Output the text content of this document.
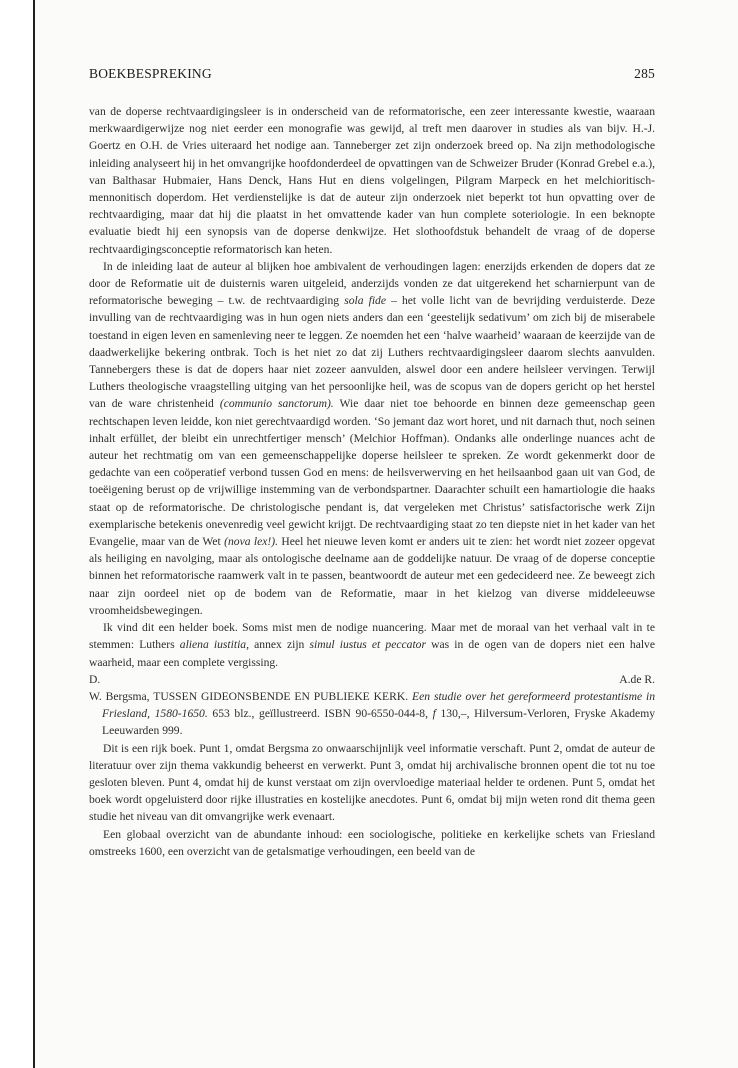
BOEKBESPREKING	285

van de doperse rechtvaardigingsleer is in onderscheid van de reformatorische, een zeer interessante kwestie, waaraan merkwaardigerwijze nog niet eerder een monografie was gewijd, al treft men daarover in studies als van bijv. H.-J. Goertz en O.H. de Vries uiteraard het nodige aan. Tanneberger zet zijn onderzoek breed op. Na zijn methodologische inleiding analyseert hij in het omvangrijke hoofdonderdeel de opvattingen van de Schweizer Bruder (Konrad Grebel e.a.), van Balthasar Hubmaier, Hans Denck, Hans Hut en diens volgelingen, Pilgram Marpeck en het melchioritisch-mennonitisch doperdom. Het verdienstelijke is dat de auteur zijn onderzoek niet beperkt tot hun opvatting over de rechtvaardiging, maar dat hij die plaatst in het omvattende kader van hun complete soteriologie. In een beknopte evaluatie biedt hij een synopsis van de doperse denkwijze. Het slothoofdstuk behandelt de vraag of de doperse rechtvaardigingsconceptie reformatorisch kan heten.

In de inleiding laat de auteur al blijken hoe ambivalent de verhoudingen lagen: enerzijds erkenden de dopers dat ze door de Reformatie uit de duisternis waren uitgeleid, anderzijds vonden ze dat uitgerekend het scharnierpunt van de reformatorische beweging – t.w. de rechtvaardiging sola fide – het volle licht van de bevrijding verduisterde. Deze invulling van de rechtvaardiging was in hun ogen niets anders dan een ‘geestelijk sedativum’ om zich bij de miserabele toestand in eigen leven en samenleving neer te leggen. Ze noemden het een ‘halve waarheid’ waaraan de keerzijde van de daadwerkelijke bekering ontbrak. Toch is het niet zo dat zij Luthers rechtvaardigingsleer daarom slechts aanvulden. Tannebergers these is dat de dopers haar niet zozeer aanvulden, alswel door een andere heilsleer vervingen. Terwijl Luthers theologische vraagstelling uitging van het persoonlijke heil, was de scopus van de dopers gericht op het herstel van de ware christenheid (communio sanctorum). Wie daar niet toe behoorde en binnen deze gemeenschap geen rechtschapen leven leidde, kon niet gerechtvaardigd worden. ‘So jemant daz wort horet, und nit darnach thut, noch seinen inhalt erfüllet, der bleibt ein unrechtfertiger mensch’ (Melchior Hoffman). Ondanks alle onderlinge nuances acht de auteur het rechtmatig om van een gemeenschappelijke doperse heilsleer te spreken. Ze wordt gekenmerkt door de gedachte van een coöperatief verbond tussen God en mens: de heilsverwerving en het heilsaanbod gaan uit van God, de toeëigening berust op de vrijwillige instemming van de verbondspartner. Daarachter schuilt een hamartiologie die haaks staat op de reformatorische. De christologische pendant is, dat vergeleken met Christus’ satisfactorische werk Zijn exemplarische betekenis onevenredig veel gewicht krijgt. De rechtvaardiging staat zo ten diepste niet in het kader van het Evangelie, maar van de Wet (nova lex!). Heel het nieuwe leven komt er anders uit te zien: het wordt niet zozeer opgevat als heiliging en navolging, maar als ontologische deelname aan de goddelijke natuur. De vraag of de doperse conceptie binnen het reformatorische raamwerk valt in te passen, beantwoordt de auteur met een gedecideerd nee. Ze beweegt zich naar zijn oordeel niet op de bodem van de Reformatie, maar in het kielzog van diverse middeleeuwse vroomheidsbewegingen.

Ik vind dit een helder boek. Soms mist men de nodige nuancering. Maar met de moraal van het verhaal valt in te stemmen: Luthers aliena iustitia, annex zijn simul iustus et peccator was in de ogen van de dopers niet een halve waarheid, maar een complete vergissing.

D.	A.de R.

W. Bergsma, TUSSEN GIDEONSBENDE EN PUBLIEKE KERK. Een studie over het gereformeerd protestantisme in Friesland, 1580-1650. 653 blz., geïllustreerd. ISBN 90-6550-044-8, f 130,–, Hilversum-Verloren, Fryske Akademy Leeuwarden 999.

Dit is een rijk boek. Punt 1, omdat Bergsma zo onwaarschijnlijk veel informatie verschaft. Punt 2, omdat de auteur de literatuur over zijn thema vakkundig beheerst en verwerkt. Punt 3, omdat hij archivalische bronnen opent die tot nu toe gesloten bleven. Punt 4, omdat hij de kunst verstaat om zijn overvloedige materiaal helder te ordenen. Punt 5, omdat het boek wordt opgeluisterd door rijke illustraties en kostelijke anecdotes. Punt 6, omdat bij mijn weten rond dit thema geen studie het niveau van dit omvangrijke werk evenaart.

Een globaal overzicht van de abundante inhoud: een sociologische, politieke en kerkelijke schets van Friesland omstreeks 1600, een overzicht van de getalsmatige verhoudingen, een beeld van de
